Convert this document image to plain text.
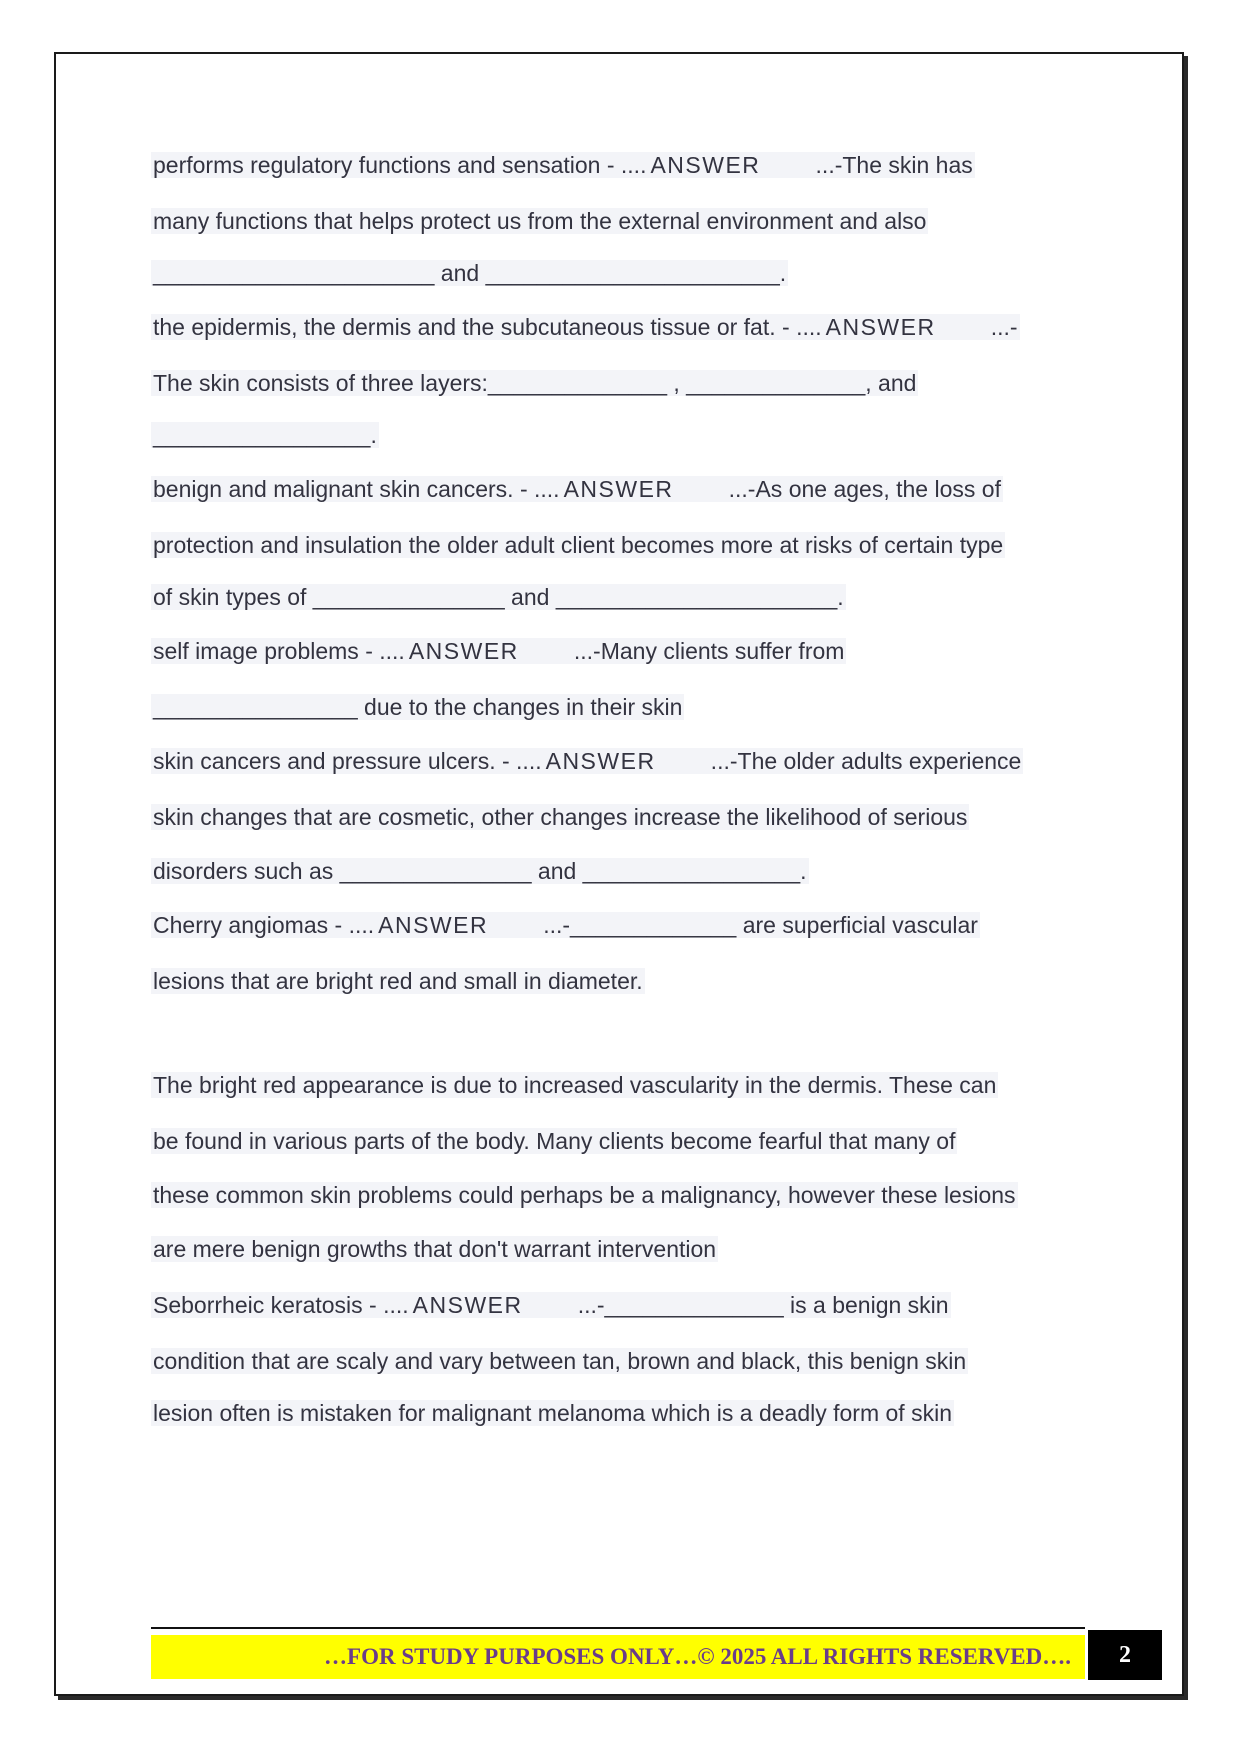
performs regulatory functions and sensation - .... ANSWER        ...-The skin has
many functions that helps protect us from the external environment and also
______________________ and _______________________.
the epidermis, the dermis and the subcutaneous tissue or fat. - .... ANSWER        ...-
The skin consists of three layers:______________ , ______________, and
_________________.
benign and malignant skin cancers. - .... ANSWER        ...-As one ages, the loss of
protection and insulation the older adult client becomes more at risks of certain type
of skin types of _______________ and ______________________.
self image problems - .... ANSWER        ...-Many clients suffer from
________________ due to the changes in their skin
skin cancers and pressure ulcers. - .... ANSWER        ...-The older adults experience
skin changes that are cosmetic, other changes increase the likelihood of serious
disorders such as _______________ and _________________.
Cherry angiomas - .... ANSWER        ...-_____________ are superficial vascular
lesions that are bright red and small in diameter.
The bright red appearance is due to increased vascularity in the dermis. These can
be found in various parts of the body. Many clients become fearful that many of
these common skin problems could perhaps be a malignancy, however these lesions
are mere benign growths that don't warrant intervention
Seborrheic keratosis - .... ANSWER        ...-______________ is a benign skin
condition that are scaly and vary between tan, brown and black, this benign skin
lesion often is mistaken for malignant melanoma which is a deadly form of skin
…FOR STUDY PURPOSES ONLY…© 2025 ALL RIGHTS RESERVED…. 2
